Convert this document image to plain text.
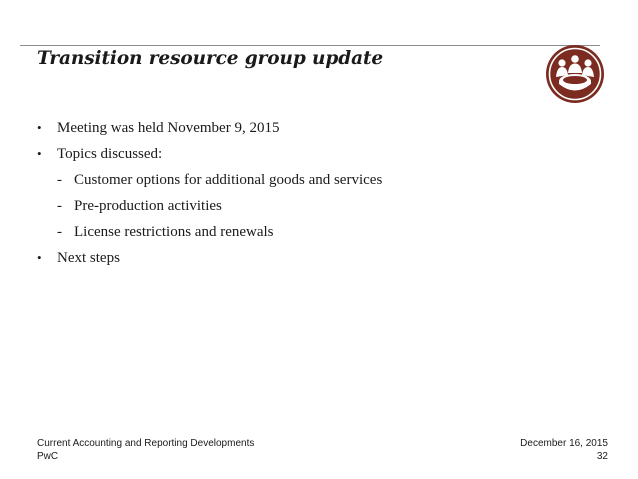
Transition resource group update
•	Meeting was held November 9, 2015
•	Topics discussed:
- Customer options for additional goods and services
- Pre-production activities
- License restrictions and renewals
•	Next steps
Current Accounting and Reporting Developments
PwC
December 16, 2015
32
